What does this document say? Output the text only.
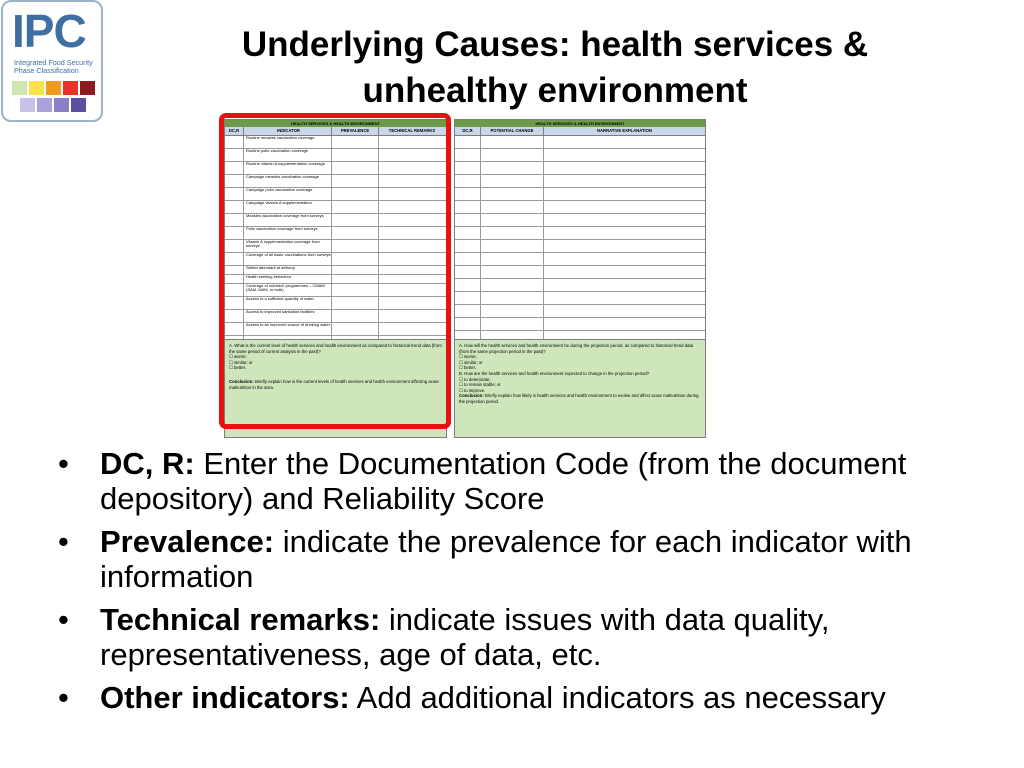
IPC
Integrated Food Security
Phase Classification
Underlying Causes: health services & unhealthy environment
HEALTH SERVICES & HEALTH ENVIRONMENT
DC,R	INDICATOR	PREVALENCE	TECHNICAL REMARKS
Routine measles vaccination coverage
Routine polio vaccination coverage
Routine vitamin A supplementation coverage
Campaign measles vaccination coverage
Campaign polio vaccination coverage
Campaign vitamin A supplementation
Measles vaccination coverage from surveys
Polio vaccination coverage from surveys
Vitamin A supplementation coverage from surveys
Coverage of all basic vaccinations from surveys
Skilled attendant at delivery
Health seeking behaviour
Coverage of outreach programmes – CMAM (SAM, MAM, or both)
Access to a sufficient quantity of water
Access to improved sanitation facilities
Access to an improved source of drinking water
A. What is the current level of health services and health environment as compared to historical trend data (from the same period of current analysis in the past)?
☐ worse;
☐ similar; or
☐ better.
Conclusion: Briefly explain how is the current levels of health services and health environment affecting acute malnutrition in the area.
HEALTH SERVICES & HEALTH ENVIRONMENT
DC,R	POTENTIAL CHANGE	NARRATIVE EXPLANATION
A. How will the health services and health environment be during the projection period, as compared to historical trend data (from the same projection period in the past)?
☐ worse;
☐ similar; or
☐ better.
B. How are the health services and health environment expected to change in the projection period?
☐ to deteriorate;
☐ to remain stable; or
☐ to improve.
Conclusion: Briefly explain how likely is health services and health environment to evolve and affect acute malnutrition during the projection period.
• DC, R: Enter the Documentation Code (from the document depository) and Reliability Score
• Prevalence: indicate the prevalence for each indicator with information
• Technical remarks: indicate issues with data quality, representativeness, age of data, etc.
• Other indicators: Add additional indicators as necessary
